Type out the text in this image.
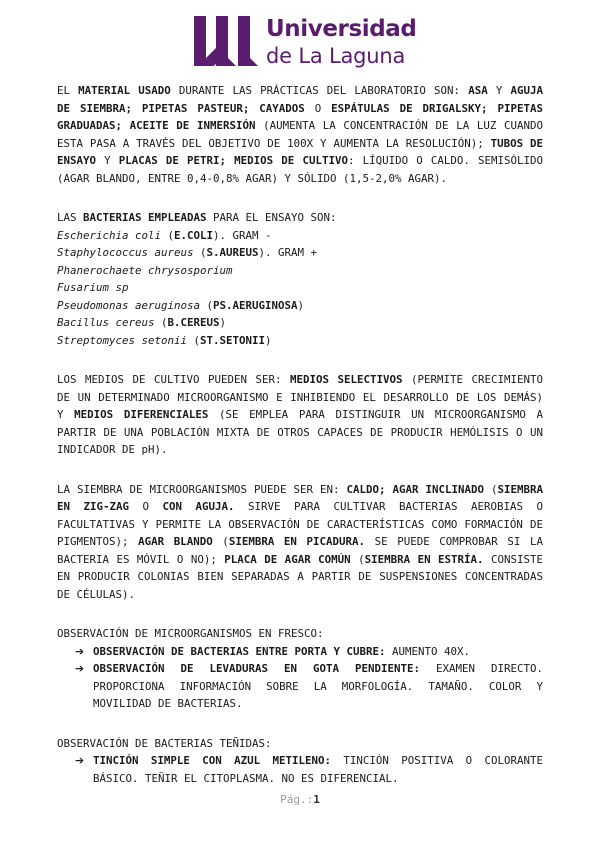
Universidad
de La Laguna

EL MATERIAL USADO DURANTE LAS PRÁCTICAS DEL LABORATORIO SON: ASA Y AGUJA DE SIEMBRA; PIPETAS PASTEUR; CAYADOS O ESPÁTULAS DE DRIGALSKY; PIPETAS GRADUADAS; ACEITE DE INMERSIÓN (AUMENTA LA CONCENTRACIÓN DE LA LUZ CUANDO ESTA PASA A TRAVÉS DEL OBJETIVO DE 100X Y AUMENTA LA RESOLUCIÓN); TUBOS DE ENSAYO Y PLACAS DE PETRI; MEDIOS DE CULTIVO: LÍQUIDO O CALDO. SEMISÓLIDO (AGAR BLANDO, ENTRE 0,4-0,8% AGAR) Y SÓLIDO (1,5-2,0% AGAR).

LAS BACTERIAS EMPLEADAS PARA EL ENSAYO SON:

Escherichia coli (E.COLI). GRAM -

Staphylococcus aureus (S.AUREUS). GRAM +

Phanerochaete chrysosporium

Fusarium sp

Pseudomonas aeruginosa (PS.AERUGINOSA)

Bacillus cereus (B.CEREUS)

Streptomyces setonii (ST.SETONII)

LOS MEDIOS DE CULTIVO PUEDEN SER: MEDIOS SELECTIVOS (PERMITE CRECIMIENTO DE UN DETERMINADO MICROORGANISMO E INHIBIENDO EL DESARROLLO DE LOS DEMÁS) Y MEDIOS DIFERENCIALES (SE EMPLEA PARA DISTINGUIR UN MICROORGANISMO A PARTIR DE UNA POBLACIÓN MIXTA DE OTROS CAPACES DE PRODUCIR HEMÓLISIS O UN INDICADOR DE pH).

LA SIEMBRA DE MICROORGANISMOS PUEDE SER EN: CALDO; AGAR INCLINADO (SIEMBRA EN ZIG-ZAG O CON AGUJA. SIRVE PARA CULTIVAR BACTERIAS AEROBIAS O FACULTATIVAS Y PERMITE LA OBSERVACIÓN DE CARACTERÍSTICAS COMO FORMACIÓN DE PIGMENTOS); AGAR BLANDO (SIEMBRA EN PICADURA. SE PUEDE COMPROBAR SI LA BACTERIA ES MÓVIL O NO); PLACA DE AGAR COMÚN (SIEMBRA EN ESTRÍA. CONSISTE EN PRODUCIR COLONIAS BIEN SEPARADAS A PARTIR DE SUSPENSIONES CONCENTRADAS DE CÉLULAS).

OBSERVACIÓN DE MICROORGANISMOS EN FRESCO:

➔ OBSERVACIÓN DE BACTERIAS ENTRE PORTA Y CUBRE: AUMENTO 40X.
➔ OBSERVACIÓN DE LEVADURAS EN GOTA PENDIENTE: EXAMEN DIRECTO. PROPORCIONA INFORMACIÓN SOBRE LA MORFOLOGÍA. TAMAÑO. COLOR Y MOVILIDAD DE BACTERIAS.

OBSERVACIÓN DE BACTERIAS TEÑIDAS:

➔ TINCIÓN SIMPLE CON AZUL METILENO: TINCIÓN POSITIVA O COLORANTE BÁSICO. TEÑIR EL CITOPLASMA. NO ES DIFERENCIAL.
Pág.:1
